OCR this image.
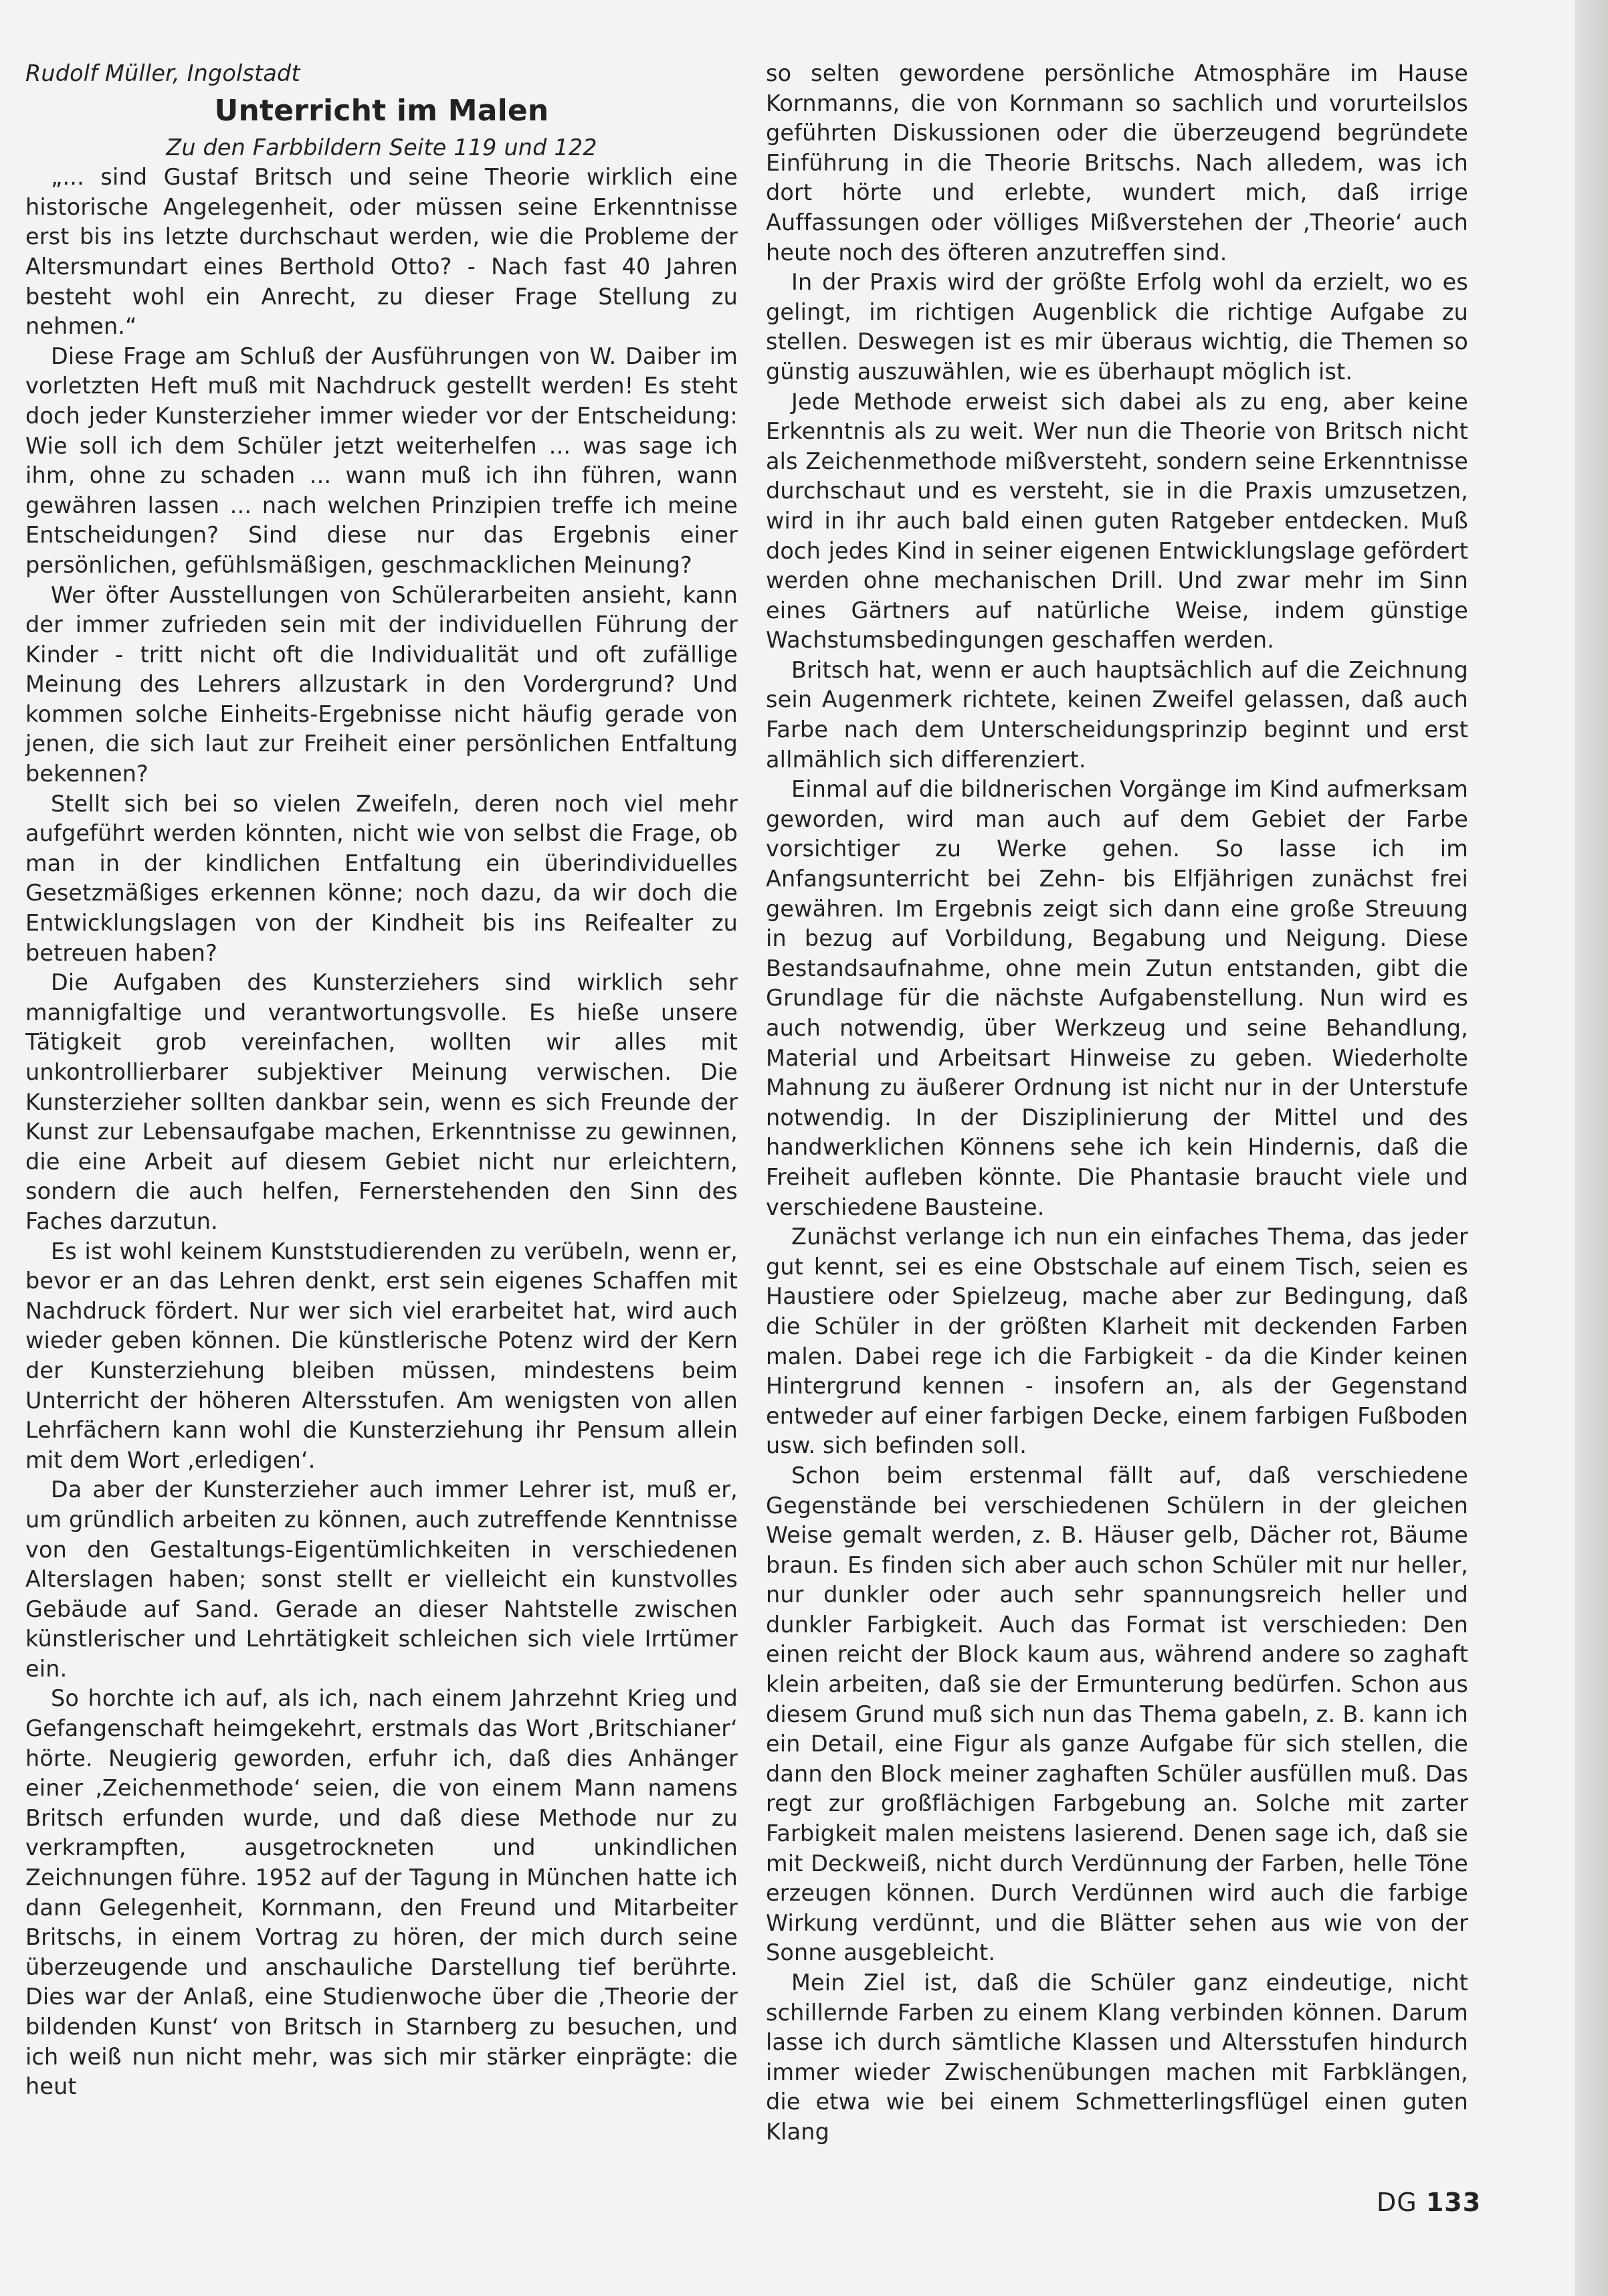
Rudolf Müller, Ingolstadt

Unterricht im Malen

Zu den Farbbildern Seite 119 und 122

„... sind Gustaf Britsch und seine Theorie wirklich eine historische Angelegenheit, oder müssen seine Erkenntnisse erst bis ins letzte durchschaut werden, wie die Probleme der Altersmundart eines Berthold Otto? - Nach fast 40 Jahren besteht wohl ein Anrecht, zu dieser Frage Stellung zu nehmen.“

Diese Frage am Schluß der Ausführungen von W. Daiber im vorletzten Heft muß mit Nachdruck gestellt werden! Es steht doch jeder Kunsterzieher immer wieder vor der Entscheidung: Wie soll ich dem Schüler jetzt weiterhelfen ... was sage ich ihm, ohne zu schaden ... wann muß ich ihn führen, wann gewähren lassen ... nach welchen Prinzipien treffe ich meine Entscheidungen? Sind diese nur das Ergebnis einer persönlichen, gefühlsmäßigen, geschmacklichen Meinung?

Wer öfter Ausstellungen von Schülerarbeiten ansieht, kann der immer zufrieden sein mit der individuellen Führung der Kinder - tritt nicht oft die Individualität und oft zufällige Meinung des Lehrers allzustark in den Vordergrund? Und kommen solche Einheits-Ergebnisse nicht häufig gerade von jenen, die sich laut zur Freiheit einer persönlichen Entfaltung bekennen?

Stellt sich bei so vielen Zweifeln, deren noch viel mehr aufgeführt werden könnten, nicht wie von selbst die Frage, ob man in der kindlichen Entfaltung ein überindividuelles Gesetzmäßiges erkennen könne; noch dazu, da wir doch die Entwicklungslagen von der Kindheit bis ins Reifealter zu betreuen haben?

Die Aufgaben des Kunsterziehers sind wirklich sehr mannigfaltige und verantwortungsvolle. Es hieße unsere Tätigkeit grob vereinfachen, wollten wir alles mit unkontrollierbarer subjektiver Meinung verwischen. Die Kunsterzieher sollten dankbar sein, wenn es sich Freunde der Kunst zur Lebensaufgabe machen, Erkenntnisse zu gewinnen, die eine Arbeit auf diesem Gebiet nicht nur erleichtern, sondern die auch helfen, Fernerstehenden den Sinn des Faches darzutun.

Es ist wohl keinem Kunststudierenden zu verübeln, wenn er, bevor er an das Lehren denkt, erst sein eigenes Schaffen mit Nachdruck fördert. Nur wer sich viel erarbeitet hat, wird auch wieder geben können. Die künstlerische Potenz wird der Kern der Kunsterziehung bleiben müssen, mindestens beim Unterricht der höheren Altersstufen. Am wenigsten von allen Lehrfächern kann wohl die Kunsterziehung ihr Pensum allein mit dem Wort ‚erledigen‘.

Da aber der Kunsterzieher auch immer Lehrer ist, muß er, um gründlich arbeiten zu können, auch zutreffende Kenntnisse von den Gestaltungs-Eigentümlichkeiten in verschiedenen Alterslagen haben; sonst stellt er vielleicht ein kunstvolles Gebäude auf Sand. Gerade an dieser Nahtstelle zwischen künstlerischer und Lehrtätigkeit schleichen sich viele Irrtümer ein.

So horchte ich auf, als ich, nach einem Jahrzehnt Krieg und Gefangenschaft heimgekehrt, erstmals das Wort ‚Britschianer‘ hörte. Neugierig geworden, erfuhr ich, daß dies Anhänger einer ‚Zeichenmethode‘ seien, die von einem Mann namens Britsch erfunden wurde, und daß diese Methode nur zu verkrampften, ausgetrockneten und unkindlichen Zeichnungen führe. 1952 auf der Tagung in München hatte ich dann Gelegenheit, Kornmann, den Freund und Mitarbeiter Britschs, in einem Vortrag zu hören, der mich durch seine überzeugende und anschauliche Darstellung tief berührte. Dies war der Anlaß, eine Studienwoche über die ‚Theorie der bildenden Kunst‘ von Britsch in Starnberg zu besuchen, und ich weiß nun nicht mehr, was sich mir stärker einprägte: die heut

so selten gewordene persönliche Atmosphäre im Hause Kornmanns, die von Kornmann so sachlich und vorurteilslos geführten Diskussionen oder die überzeugend begründete Einführung in die Theorie Britschs. Nach alledem, was ich dort hörte und erlebte, wundert mich, daß irrige Auffassungen oder völliges Mißverstehen der ‚Theorie‘ auch heute noch des öfteren anzutreffen sind.

In der Praxis wird der größte Erfolg wohl da erzielt, wo es gelingt, im richtigen Augenblick die richtige Aufgabe zu stellen. Deswegen ist es mir überaus wichtig, die Themen so günstig auszuwählen, wie es überhaupt möglich ist.

Jede Methode erweist sich dabei als zu eng, aber keine Erkenntnis als zu weit. Wer nun die Theorie von Britsch nicht als Zeichenmethode mißversteht, sondern seine Erkenntnisse durchschaut und es versteht, sie in die Praxis umzusetzen, wird in ihr auch bald einen guten Ratgeber entdecken. Muß doch jedes Kind in seiner eigenen Entwicklungslage gefördert werden ohne mechanischen Drill. Und zwar mehr im Sinn eines Gärtners auf natürliche Weise, indem günstige Wachstumsbedingungen geschaffen werden.

Britsch hat, wenn er auch hauptsächlich auf die Zeichnung sein Augenmerk richtete, keinen Zweifel gelassen, daß auch Farbe nach dem Unterscheidungsprinzip beginnt und erst allmählich sich differenziert.

Einmal auf die bildnerischen Vorgänge im Kind aufmerksam geworden, wird man auch auf dem Gebiet der Farbe vorsichtiger zu Werke gehen. So lasse ich im Anfangsunterricht bei Zehn- bis Elfjährigen zunächst frei gewähren. Im Ergebnis zeigt sich dann eine große Streuung in bezug auf Vorbildung, Begabung und Neigung. Diese Bestandsaufnahme, ohne mein Zutun entstanden, gibt die Grundlage für die nächste Aufgabenstellung. Nun wird es auch notwendig, über Werkzeug und seine Behandlung, Material und Arbeitsart Hinweise zu geben. Wiederholte Mahnung zu äußerer Ordnung ist nicht nur in der Unterstufe notwendig. In der Disziplinierung der Mittel und des handwerklichen Könnens sehe ich kein Hindernis, daß die Freiheit aufleben könnte. Die Phantasie braucht viele und verschiedene Bausteine.

Zunächst verlange ich nun ein einfaches Thema, das jeder gut kennt, sei es eine Obstschale auf einem Tisch, seien es Haustiere oder Spielzeug, mache aber zur Bedingung, daß die Schüler in der größten Klarheit mit deckenden Farben malen. Dabei rege ich die Farbigkeit - da die Kinder keinen Hintergrund kennen - insofern an, als der Gegenstand entweder auf einer farbigen Decke, einem farbigen Fußboden usw. sich befinden soll.

Schon beim erstenmal fällt auf, daß verschiedene Gegenstände bei verschiedenen Schülern in der gleichen Weise gemalt werden, z. B. Häuser gelb, Dächer rot, Bäume braun. Es finden sich aber auch schon Schüler mit nur heller, nur dunkler oder auch sehr spannungsreich heller und dunkler Farbigkeit. Auch das Format ist verschieden: Den einen reicht der Block kaum aus, während andere so zaghaft klein arbeiten, daß sie der Ermunterung bedürfen. Schon aus diesem Grund muß sich nun das Thema gabeln, z. B. kann ich ein Detail, eine Figur als ganze Aufgabe für sich stellen, die dann den Block meiner zaghaften Schüler ausfüllen muß. Das regt zur großflächigen Farbgebung an. Solche mit zarter Farbigkeit malen meistens lasierend. Denen sage ich, daß sie mit Deckweiß, nicht durch Verdünnung der Farben, helle Töne erzeugen können. Durch Verdünnen wird auch die farbige Wirkung verdünnt, und die Blätter sehen aus wie von der Sonne ausgebleicht.

Mein Ziel ist, daß die Schüler ganz eindeutige, nicht schillernde Farben zu einem Klang verbinden können. Darum lasse ich durch sämtliche Klassen und Altersstufen hindurch immer wieder Zwischenübungen machen mit Farbklängen, die etwa wie bei einem Schmetterlingsflügel einen guten Klang

DG 133
